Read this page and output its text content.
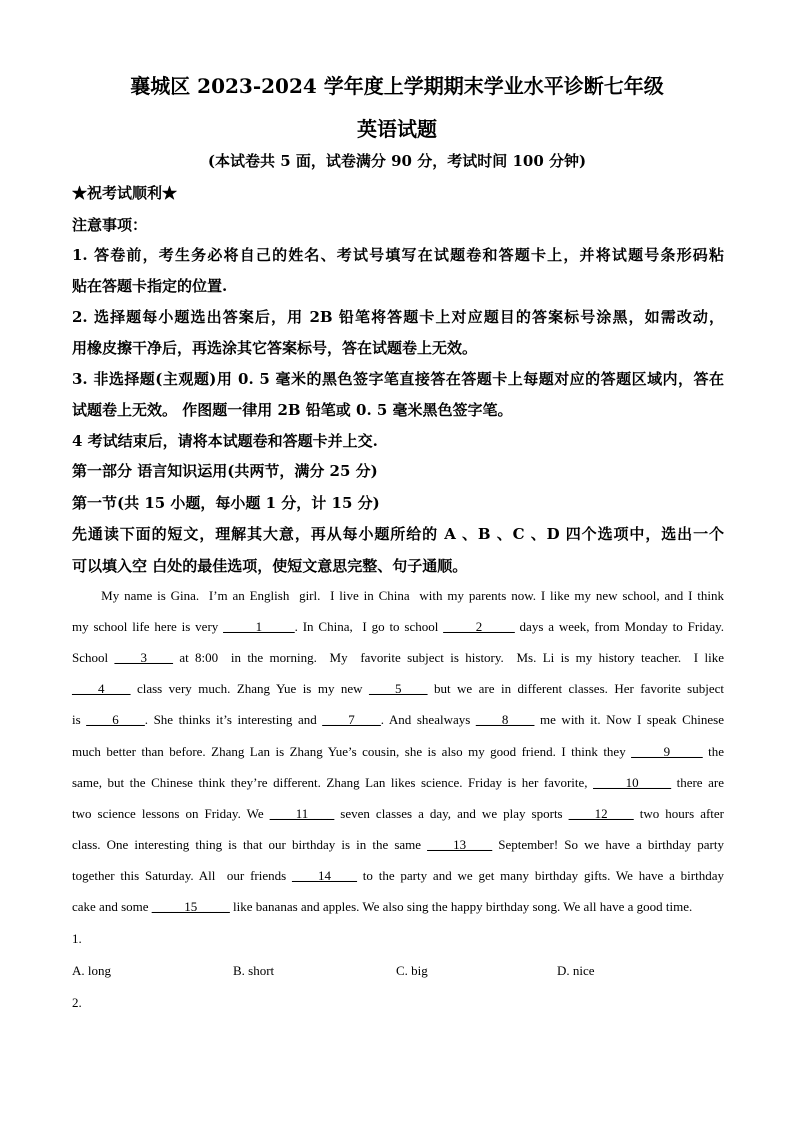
襄城区 2023-2024 学年度上学期期末学业水平诊断七年级
英语试题
(本试卷共 5 面，试卷满分 90 分，考试时间 100 分钟)
★祝考试顺利★
注意事项：
1. 答卷前，考生务必将自己的姓名、考试号填写在试题卷和答题卡上，并将试题号条形码粘
贴在答题卡指定的位置.
2. 选择题每小题选出答案后，用 2B 铅笔将答题卡上对应题目的答案标号涂黑，如需改动，
用橡皮擦干净后，再选涂其它答案标号，答在试题卷上无效。
3. 非选择题(主观题)用 0. 5 毫米的黑色签字笔直接答在答题卡上每题对应的答题区域内，答在
试题卷上无效。 作图题一律用 2B 铅笔或 0. 5 毫米黑色签字笔。
4 考试结束后，请将本试题卷和答题卡并上交.
第一部分 语言知识运用(共两节，满分 25 分)
第一节(共 15 小题，每小题 1 分，计 15 分)
先通读下面的短文，理解其大意，再从每小题所给的 A 、B 、C 、D 四个选项中，选出一个
可以填入空 白处的最佳选项，使短文意思完整、句子通顺。
My name is Gina.  I’m an English  girl.  I live in China  with my parents now. I like my new school, and I think
my school life here is very _____1_____. In China,  I go to school _____2_____ days a week, from Monday to Friday.
School ____3____ at 8:00  in the morning.  My  favorite subject is history.  Ms. Li is my history teacher.  I like
____4____ class very much. Zhang Yue is my new ____5____ but we are in different classes. Her favorite subject
is ____6____. She thinks it’s interesting and ____7____. And shealways ____8____ me with it. Now I speak Chinese
much better than before. Zhang Lan is Zhang Yue’s cousin, she is also my good friend. I think they _____9_____ the
same, but the Chinese think they’re different. Zhang Lan likes science. Friday is her favorite, _____10_____ there are
two science lessons on Friday. We ____11____ seven classes a day, and we play sports ____12____ two hours after
class. One interesting thing is that our birthday is in the same ____13____ September! So we have a birthday party
together this Saturday. All  our friends ____14____ to the party and we get many birthday gifts. We have a birthday
cake and some _____15_____ like bananas and apples. We also sing the happy birthday song. We all have a good time.
1.
A. long	B. short	C. big	D. nice
2.
